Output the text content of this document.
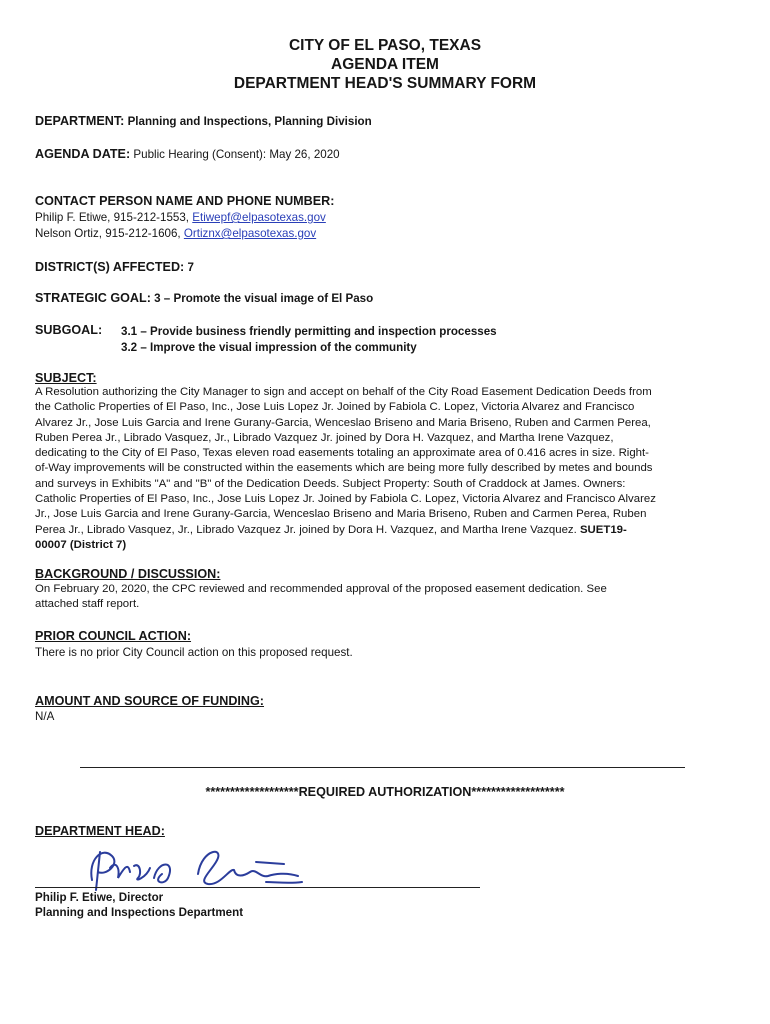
CITY OF EL PASO, TEXAS
AGENDA ITEM
DEPARTMENT HEAD'S SUMMARY FORM
DEPARTMENT: Planning and Inspections, Planning Division
AGENDA DATE: Public Hearing (Consent): May 26, 2020
CONTACT PERSON NAME AND PHONE NUMBER:
Philip F. Etiwe, 915-212-1553, Etiwepf@elpasotexas.gov
Nelson Ortiz, 915-212-1606, Ortiznx@elpasotexas.gov
DISTRICT(S) AFFECTED: 7
STRATEGIC GOAL: 3 – Promote the visual image of El Paso
SUBGOAL: 3.1 – Provide business friendly permitting and inspection processes
3.2 – Improve the visual impression of the community
SUBJECT:
A Resolution authorizing the City Manager to sign and accept on behalf of the City Road Easement Dedication Deeds from
the Catholic Properties of El Paso, Inc., Jose Luis Lopez Jr. Joined by Fabiola C. Lopez, Victoria Alvarez and Francisco
Alvarez Jr., Jose Luis Garcia and Irene Gurany-Garcia, Wenceslao Briseno and Maria Briseno, Ruben and Carmen Perea,
Ruben Perea Jr., Librado Vasquez, Jr., Librado Vazquez Jr. joined by Dora H. Vazquez, and Martha Irene Vazquez,
dedicating to the City of El Paso, Texas eleven road easements totaling an approximate area of 0.416 acres in size. Right-
of-Way improvements will be constructed within the easements which are being more fully described by metes and bounds
and surveys in Exhibits "A" and "B" of the Dedication Deeds. Subject Property: South of Craddock at James. Owners:
Catholic Properties of El Paso, Inc., Jose Luis Lopez Jr. Joined by Fabiola C. Lopez, Victoria Alvarez and Francisco Alvarez
Jr., Jose Luis Garcia and Irene Gurany-Garcia, Wenceslao Briseno and Maria Briseno, Ruben and Carmen Perea, Ruben
Perea Jr., Librado Vasquez, Jr., Librado Vazquez Jr. joined by Dora H. Vazquez, and Martha Irene Vazquez. SUET19-
00007 (District 7)
BACKGROUND / DISCUSSION:
On February 20, 2020, the CPC reviewed and recommended approval of the proposed easement dedication. See
attached staff report.
PRIOR COUNCIL ACTION:
There is no prior City Council action on this proposed request.
AMOUNT AND SOURCE OF FUNDING:
N/A
*******************REQUIRED AUTHORIZATION*******************
DEPARTMENT HEAD:
Philip F. Etiwe, Director
Planning and Inspections Department
